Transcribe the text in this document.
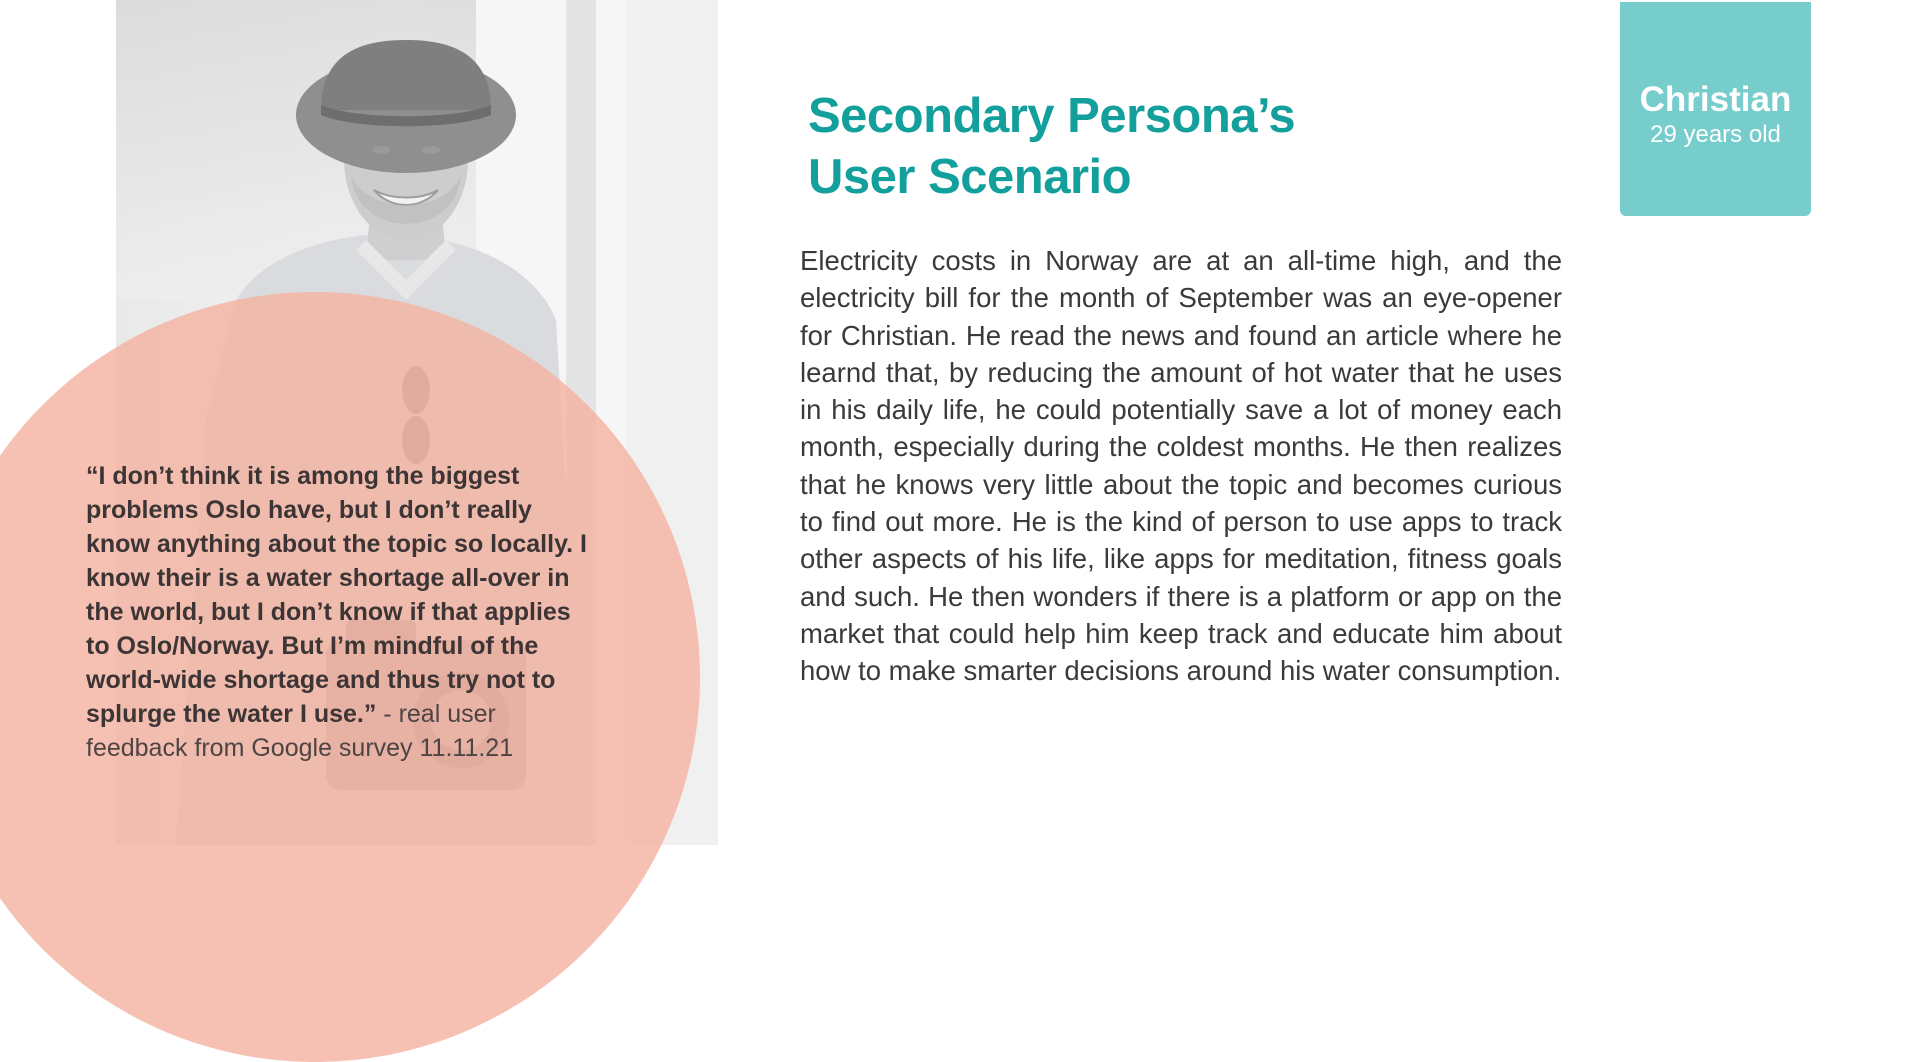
“I don’t think it is among the biggest problems Oslo have, but I don’t really know anything about the topic so locally. I know their is a water shortage all-over in the world, but I don’t know if that applies to Oslo/Norway. But I’m mindful of the world-wide shortage and thus try not to splurge the water I use.” - real user feedback from Google survey 11.11.21
Secondary Persona’s
User Scenario

Electricity costs in Norway are at an all-time high, and the electricity bill for the month of September was an eye-opener for Christian. He read the news and found an article where he learnd that, by reducing the amount of hot water that he uses in his daily life, he could potentially save a lot of money each month, especially during the coldest months. He then realizes that he knows very little about the topic and becomes curious to find out more. He is the kind of person to use apps to track other aspects of his life, like apps for meditation, fitness goals and such. He then wonders if there is a platform or app on the market that could help him keep track and educate him about how to make smarter decisions around his water consumption.

Christian
29 years old
